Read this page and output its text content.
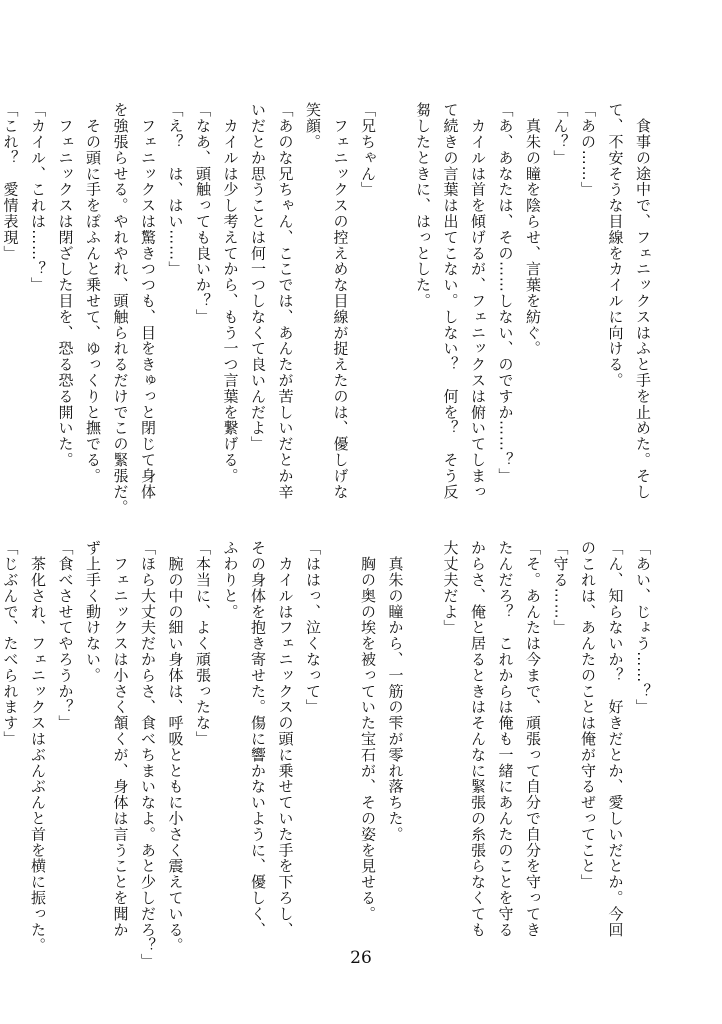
　食事の途中で、フェニックスはふと手を止めた。そし
て、不安そうな目線をカイルに向ける。
「あの……」
「ん？」
　真朱の瞳を陰らせ、言葉を紡ぐ。
「あ、あなたは、その……しない、のですか……？」
　カイルは首を傾げるが、フェニックスは俯いてしまっ
て続きの言葉は出てこない。しない？　何を？　そう反
芻したときに、はっとした。
「兄ちゃん」
　フェニックスの控えめな目線が捉えたのは、優しげな
笑顔。
「あのな兄ちゃん、ここでは、あんたが苦しいだとか辛
いだとか思うことは何一つしなくて良いんだよ」
　カイルは少し考えてから、もう一つ言葉を繋げる。
「なあ、頭触っても良いか？」
「え？　は、はい……」
　フェニックスは驚きつつも、目をきゅっと閉じて身体
を強張らせる。やれやれ、頭触られるだけでこの緊張だ。
　その頭に手をぽふんと乗せて、ゆっくりと撫でる。
　フェニックスは閉ざした目を、恐る恐る開いた。
「カイル、これは……？」
「これ？　愛情表現」
「あい、じょう……？」
「ん、知らないか？　好きだとか、愛しいだとか。今回
のこれは、あんたのことは俺が守るぜってこと」
「守る……」
「そ。あんたは今まで、頑張って自分で自分を守ってき
たんだろ？　これからは俺も一緒にあんたのことを守る
からさ、俺と居るときはそんなに緊張の糸張らなくても
大丈夫だよ」
　真朱の瞳から、一筋の雫が零れ落ちた。
　胸の奥の埃を被っていた宝石が、その姿を見せる。
「ははっ、泣くなって」
　カイルはフェニックスの頭に乗せていた手を下ろし、
その身体を抱き寄せた。傷に響かないように、優しく、
ふわりと。
「本当に、よく頑張ったな」
　腕の中の細い身体は、呼吸とともに小さく震えている。
「ほら大丈夫だからさ、食べちまいなよ。あと少しだろ？」
　フェニックスは小さく頷くが、身体は言うことを聞か
ず上手く動けない。
「食べさせてやろうか？」
　茶化され、フェニックスはぶんぶんと首を横に振った。
「じぶんで、たべられます」
26
